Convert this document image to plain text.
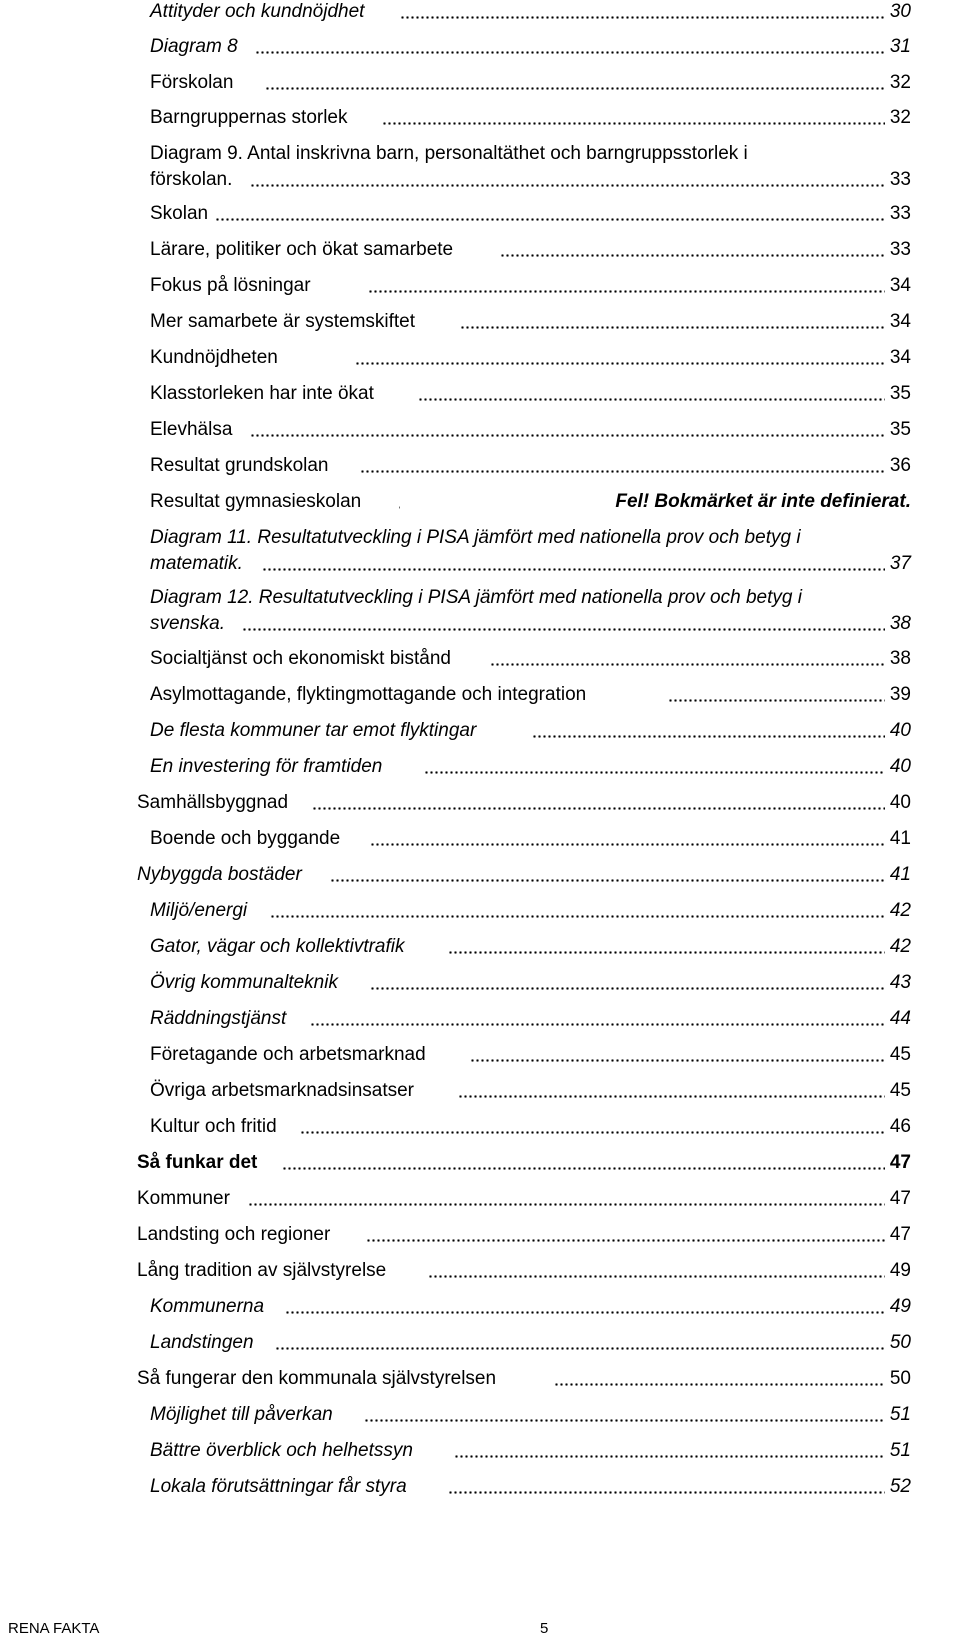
Attityder och kundnöjdhet	30
Diagram 8	31
Förskolan	32
Barngruppernas storlek	32
Diagram 9. Antal inskrivna barn, personaltäthet och barngruppsstorlek i
förskolan.	33
Skolan	33
Lärare, politiker och ökat samarbete	33
Fokus på lösningar	34
Mer samarbete är systemskiftet	34
Kundnöjdheten	34
Klasstorleken har inte ökat	35
Elevhälsa	35
Resultat grundskolan	36
Resultat gymnasieskolan	Fel! Bokmärket är inte definierat.
Diagram 11. Resultatutveckling i PISA jämfört med nationella prov och betyg i
matematik.	37
Diagram 12. Resultatutveckling i PISA jämfört med nationella prov och betyg i
svenska.	38
Socialtjänst och ekonomiskt bistånd	38
Asylmottagande, flyktingmottagande och integration	39
De flesta kommuner tar emot flyktingar	40
En investering för framtiden	40
Samhällsbyggnad	40
Boende och byggande	41
Nybyggda bostäder	41
Miljö/energi	42
Gator, vägar och kollektivtrafik	42
Övrig kommunalteknik	43
Räddningstjänst	44
Företagande och arbetsmarknad	45
Övriga arbetsmarknadsinsatser	45
Kultur och fritid	46
Så funkar det	47
Kommuner	47
Landsting och regioner	47
Lång tradition av självstyrelse	49
Kommunerna	49
Landstingen	50
Så fungerar den kommunala självstyrelsen	50
Möjlighet till påverkan	51
Bättre överblick och helhetssyn	51
Lokala förutsättningar får styra	52
RENA FAKTA	5
